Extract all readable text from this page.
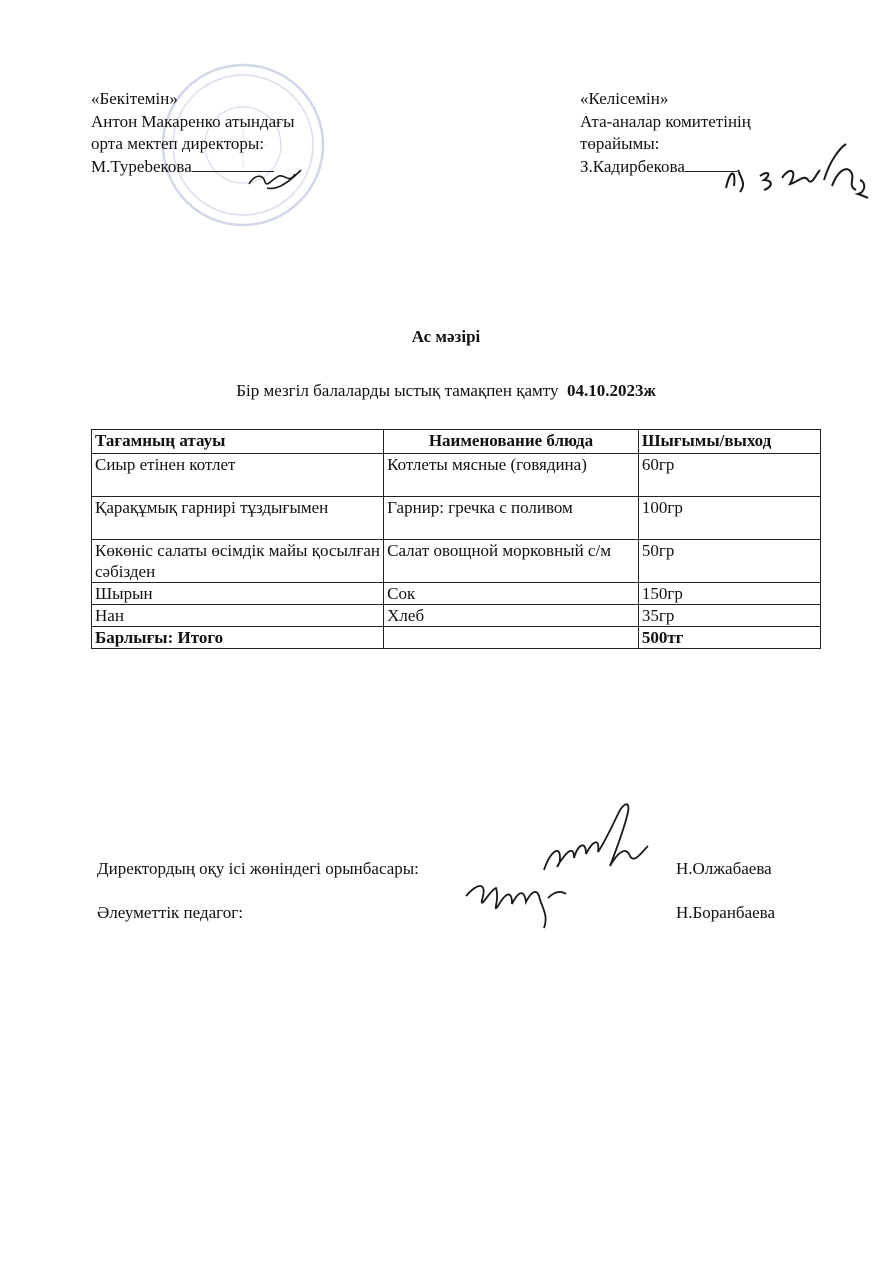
«Бекітемін»
Антон Макаренко атындағы
орта мектеп директоры:
М.Турebекова
«Келісемін»
Ата-аналар комитетінің
төрайымы:
З.Кадирбекова
Ас мәзірі
Бір мезгіл балаларды ыстық тамақпен қамту 04.10.2023ж
Тағамның атауы	Наименование блюда	Шығымы/выход
Сиыр етінен котлет	Котлеты мясные (говядина)	60гр
Қарақұмық гарнирі тұздығымен	Гарнир: гречка с поливом	100гр
Көкөніс салаты өсімдік майы қосылған сәбізден	Салат овощной морковный с/м	50гр
Шырын	Сок	150гр
Нан	Хлеб	35гр
Барлығы: Итого		500тг
Директордың оқу ісі жөніндегі орынбасары:	Н.Олжабаева
Әлеуметтік педагог:	Н.Боранбаева
